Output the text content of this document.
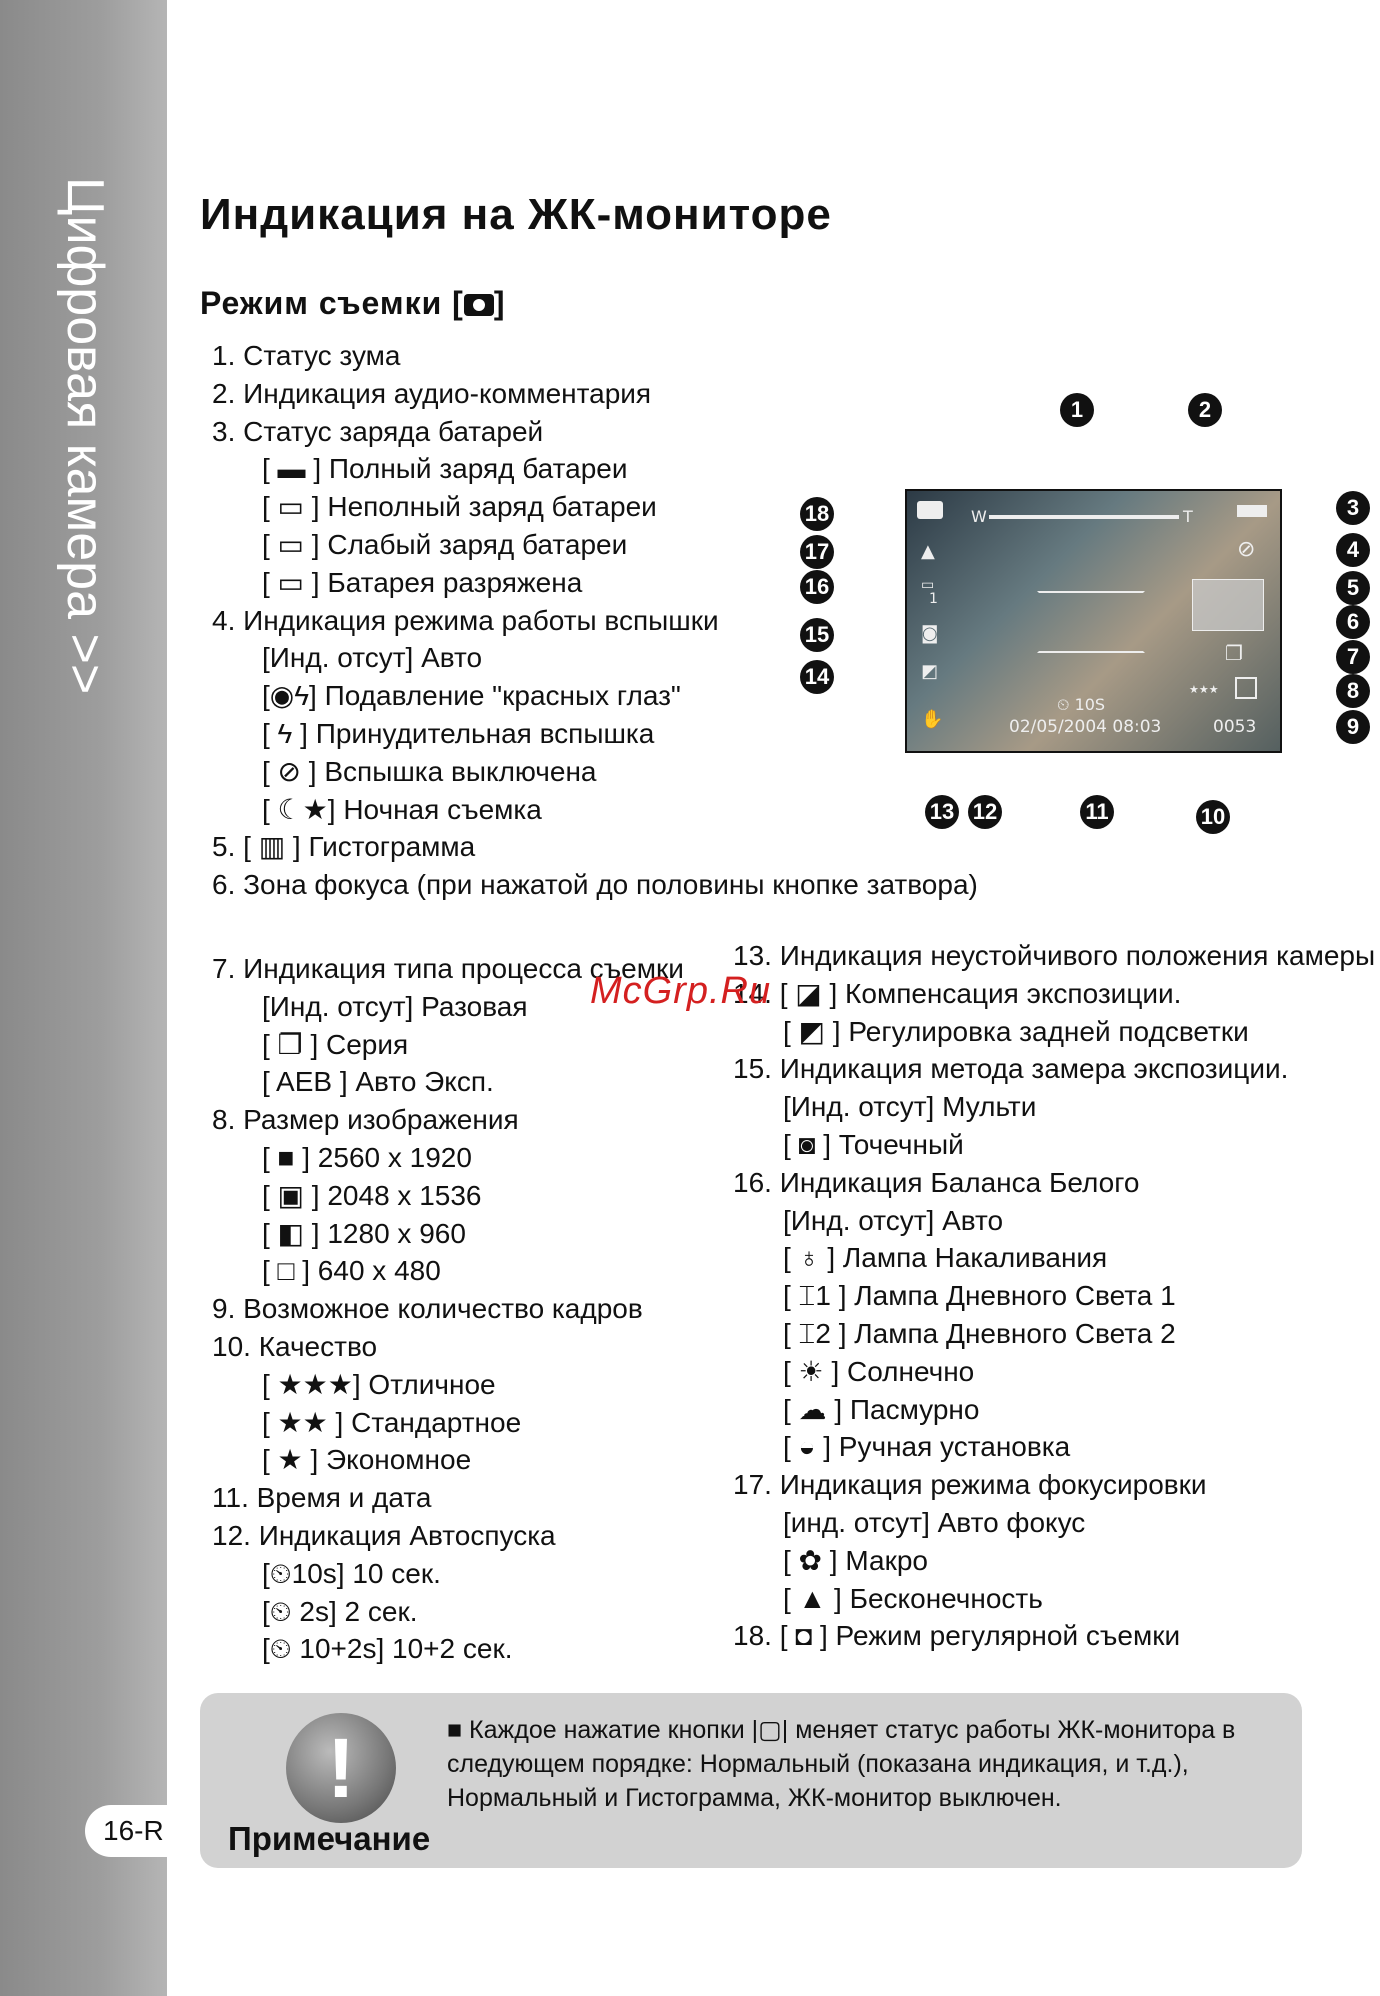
Цифровая камера >>
16-R
Индикация на ЖК-мониторе
Режим съемки [ ]
1. Статус зума
2. Индикация аудио-комментария
3. Статус заряда батарей
[ ▬ ] Полный заряд батареи
[ ▭ ] Неполный заряд батареи
[ ▭ ] Слабый заряд батареи
[ ▭ ] Батарея разряжена
4. Индикация режима работы вспышки
[Инд. отсут] Авто
[◉ϟ] Подавление "красных глаз"
[ ϟ ] Принудительная вспышка
[ ⊘ ] Вспышка выключена
[ ☾★] Ночная съемка
5. [ ▥ ] Гистограмма
6. Зона фокуса (при нажатой до половины кнопке затвора)
7. Индикация типа процесса съемки
[Инд. отсут] Разовая
[ ❐ ] Серия
[ AEB ] Авто Эксп.
8. Размер изображения
[ ■ ] 2560 x 1920
[ ▣ ] 2048 x 1536
[ ◧ ] 1280 x 960
[ □ ] 640 x 480
9. Возможное количество кадров
10. Качество
[ ★★★] Отличное
[ ★★ ] Стандартное
[ ★ ] Экономное
11. Время и дата
12. Индикация Автоспуска
[⏲10s] 10 сек.
[⏲ 2s] 2 сек.
[⏲ 10+2s] 10+2 сек.
13. Индикация неустойчивого положения камеры
14. [ ◪ ] Компенсация экспозиции.
[ ◩ ] Регулировка задней подсветки
15. Индикация метода замера экспозиции.
[Инд. отсут] Мульти
[ ◙ ] Точечный
16. Индикация Баланса Белого
[Инд. отсут] Авто
[ ♁ ] Лампа Накаливания
[ ⌶1 ] Лампа Дневного Света 1
[ ⌶2 ] Лампа Дневного Света 2
[ ☀ ] Солнечно
[ ☁ ] Пасмурно
[ ◒ ] Ручная установка
17. Индикация режима фокусировки
[инд. отсут] Авто фокус
[ ✿ ] Макро
[ ▲ ] Бесконечность
18. [ ◘ ] Режим регулярной съемки
McGrp.Ru
W	T
⊘
▲
▭
1
◙
◩
✋
❐
★★★
⏲ 10S
02/05/2004 08:03	0053
1	2
3
4
5
6
7
8
9
10
11
12
13
14
15
16
17
18
!
Примечание
■ Каждое нажатие кнопки |▢| меняет статус работы ЖК-монитора в следующем порядке: Нормальный (показана индикация, и т.д.), Нормальный и Гистограмма, ЖК-монитор выключен.
